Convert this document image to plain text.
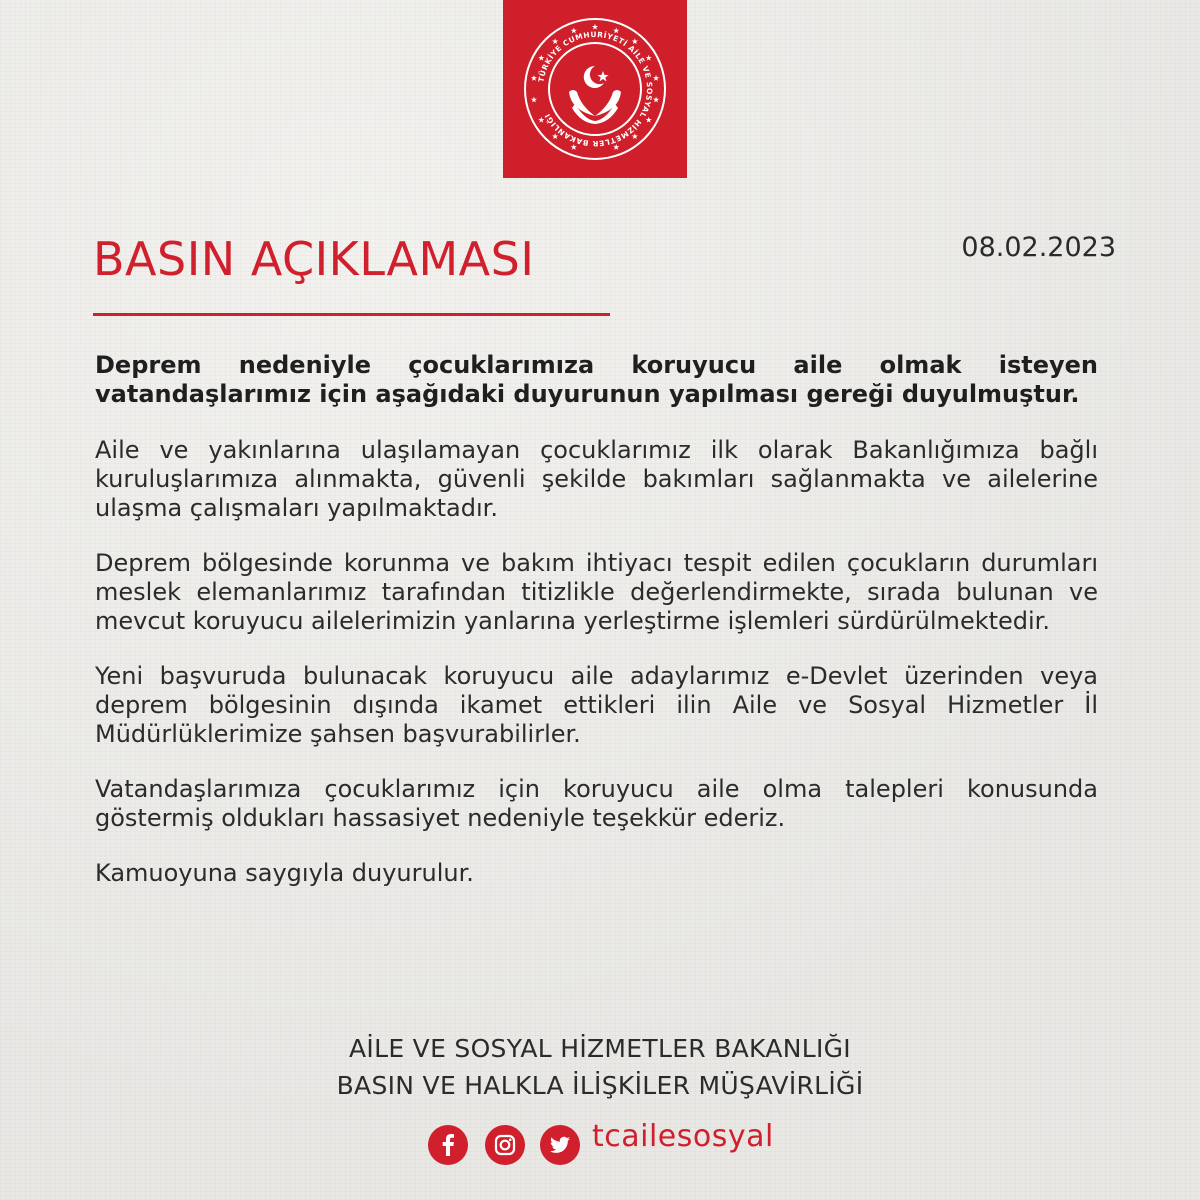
TÜRKİYE CUMHURİYETİ AİLE VE SOSYAL HİZMETLER BAKANLIĞI
BASIN AÇIKLAMASI	08.02.2023

Deprem nedeniyle çocuklarımıza koruyucu aile olmak isteyen vatandaşlarımız için aşağıdaki duyurunun yapılması gereği duyulmuştur.

Aile ve yakınlarına ulaşılamayan çocuklarımız ilk olarak Bakanlığımıza bağlı kuruluşlarımıza alınmakta, güvenli şekilde bakımları sağlanmakta ve ailelerine ulaşma çalışmaları yapılmaktadır.

Deprem bölgesinde korunma ve bakım ihtiyacı tespit edilen çocukların durumları meslek elemanlarımız tarafından titizlikle değerlendirmekte, sırada bulunan ve mevcut koruyucu ailelerimizin yanlarına yerleştirme işlemleri sürdürülmektedir.

Yeni başvuruda bulunacak koruyucu aile adaylarımız e-Devlet üzerinden veya deprem bölgesinin dışında ikamet ettikleri ilin Aile ve Sosyal Hizmetler İl Müdürlüklerimize şahsen başvurabilirler.

Vatandaşlarımıza çocuklarımız için koruyucu aile olma talepleri konusunda göstermiş oldukları hassasiyet nedeniyle teşekkür ederiz.

Kamuoyuna saygıyla duyurulur.

AİLE VE SOSYAL HİZMETLER BAKANLIĞI
BASIN VE HALKLA İLİŞKİLER MÜŞAVİRLİĞİ
tcailesosyal
